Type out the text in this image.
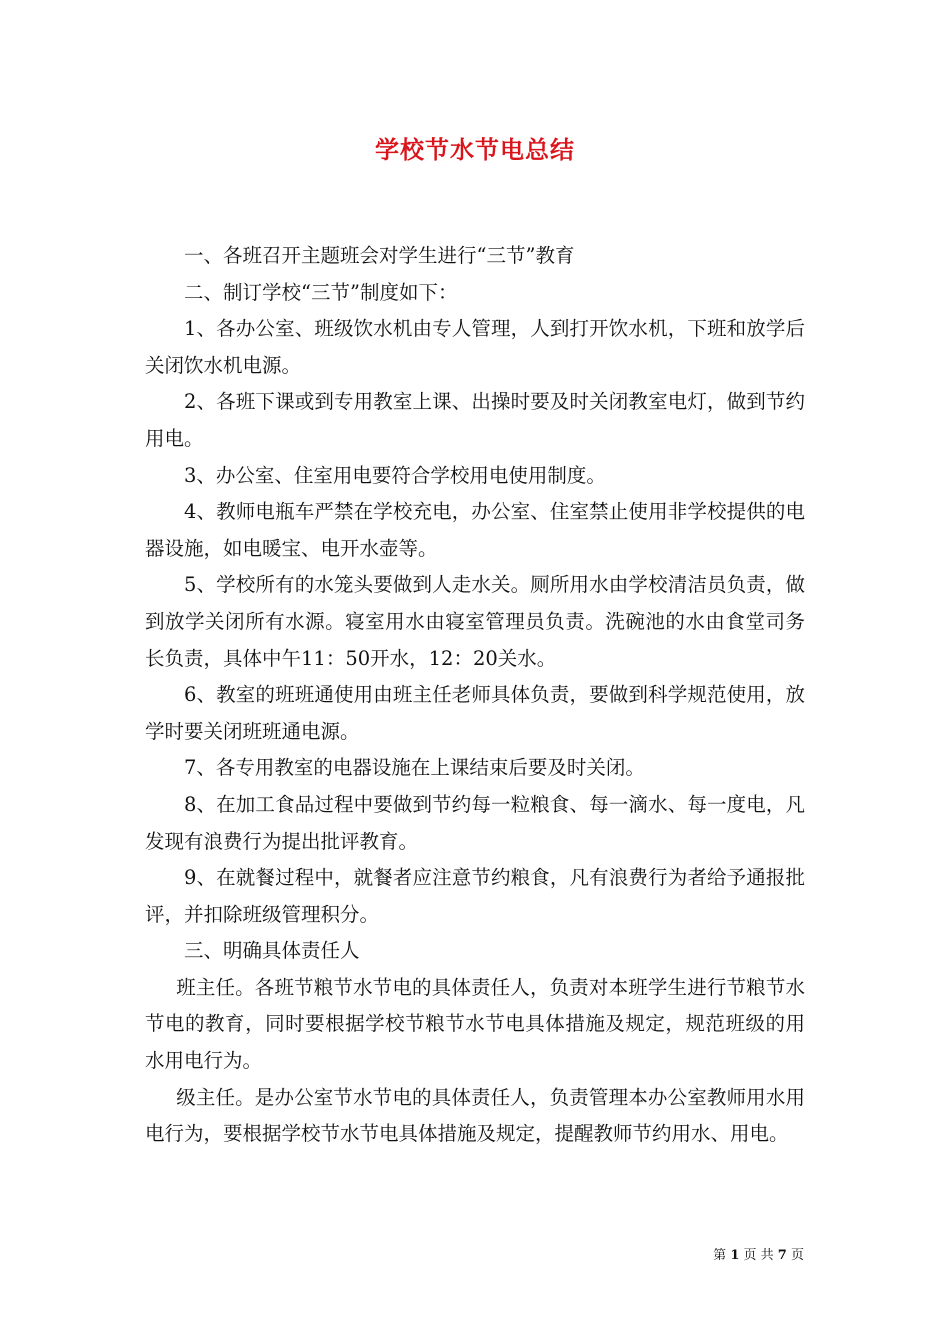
学校节水节电总结

一、各班召开主题班会对学生进行“三节”教育

二、制订学校“三节”制度如下：

1、各办公室、班级饮水机由专人管理，人到打开饮水机，下班和放学后关闭饮水机电源。

2、各班下课或到专用教室上课、出操时要及时关闭教室电灯，做到节约用电。

3、办公室、住室用电要符合学校用电使用制度。

4、教师电瓶车严禁在学校充电，办公室、住室禁止使用非学校提供的电器设施，如电暖宝、电开水壶等。

5、学校所有的水笼头要做到人走水关。厕所用水由学校清洁员负责，做到放学关闭所有水源。寝室用水由寝室管理员负责。洗碗池的水由食堂司务长负责，具体中午11：50开水，12：20关水。

6、教室的班班通使用由班主任老师具体负责，要做到科学规范使用，放学时要关闭班班通电源。

7、各专用教室的电器设施在上课结束后要及时关闭。

8、在加工食品过程中要做到节约每一粒粮食、每一滴水、每一度电，凡发现有浪费行为提出批评教育。

9、在就餐过程中，就餐者应注意节约粮食，凡有浪费行为者给予通报批评，并扣除班级管理积分。

三、明确具体责任人

班主任。各班节粮节水节电的具体责任人，负责对本班学生进行节粮节水节电的教育，同时要根据学校节粮节水节电具体措施及规定，规范班级的用水用电行为。

级主任。是办公室节水节电的具体责任人，负责管理本办公室教师用水用电行为，要根据学校节水节电具体措施及规定，提醒教师节约用水、用电。

第 1 页 共 7 页
